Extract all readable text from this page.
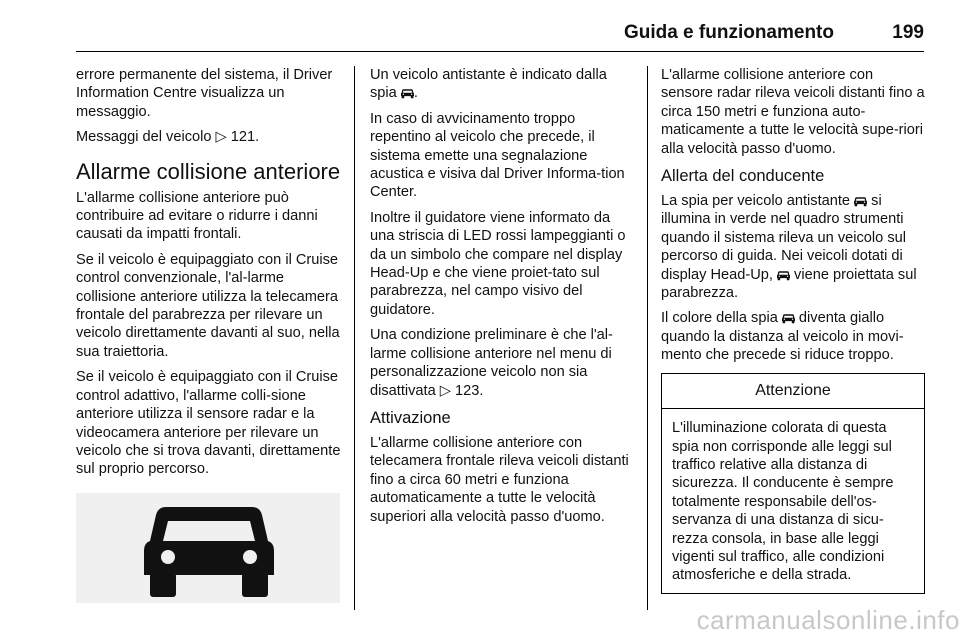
Guida e funzionamento	199

errore permanente del sistema, il Driver Information Centre visualizza un messaggio.

Messaggi del veicolo ▷ 121.

Allarme collisione anteriore

L'allarme collisione anteriore può contribuire ad evitare o ridurre i danni causati da impatti frontali.

Se il veicolo è equipaggiato con il Cruise control convenzionale, l'al-larme collisione anteriore utilizza la telecamera frontale del parabrezza per rilevare un veicolo direttamente davanti al suo, nella sua traiettoria.

Se il veicolo è equipaggiato con il Cruise control adattivo, l'allarme colli-sione anteriore utilizza il sensore radar e la videocamera anteriore per rilevare un veicolo che si trova davanti, direttamente sul proprio percorso.

Un veicolo antistante è indicato dalla spia .

In caso di avvicinamento troppo repentino al veicolo che precede, il sistema emette una segnalazione acustica e visiva dal Driver Informa-tion Center.

Inoltre il guidatore viene informato da una striscia di LED rossi lampeggianti o da un simbolo che compare nel display Head-Up e che viene proiet-tato sul parabrezza, nel campo visivo del guidatore.

Una condizione preliminare è che l'al-larme collisione anteriore nel menu di personalizzazione veicolo non sia disattivata ▷ 123.

Attivazione

L'allarme collisione anteriore con telecamera frontale rileva veicoli distanti fino a circa 60 metri e funziona automaticamente a tutte le velocità superiori alla velocità passo d'uomo.

L'allarme collisione anteriore con sensore radar rileva veicoli distanti fino a circa 150 metri e funziona auto-maticamente a tutte le velocità supe-riori alla velocità passo d'uomo.

Allerta del conducente

La spia per veicolo antistante  si illumina in verde nel quadro strumenti quando il sistema rileva un veicolo sul percorso di guida. Nei veicoli dotati di display Head-Up,  viene proiettata sul parabrezza.

Il colore della spia  diventa giallo quando la distanza al veicolo in movi-mento che precede si riduce troppo.

Attenzione
L'illuminazione colorata di questa spia non corrisponde alle leggi sul traffico relative alla distanza di sicurezza. Il conducente è sempre totalmente responsabile dell'os-servanza di una distanza di sicu-rezza consola, in base alle leggi vigenti sul traffico, alle condizioni atmosferiche e della strada.
carmanualsonline.info
